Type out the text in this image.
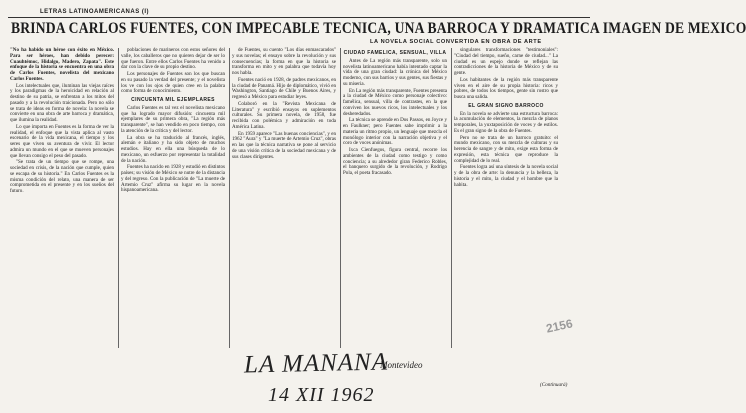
LETRAS LATINOAMERICANAS (I)
BRINDA CARLOS FUENTES, CON IMPECABLE TECNICA, UNA BARROCA Y DRAMATICA IMAGEN DE MEXICO
LA NOVELA SOCIAL CONVERTIDA EN OBRA DE ARTE

"No ha habido un héroe con éxito en México. Para ser héroes, han debido perecer: Cuauhtémoc, Hidalgo, Madero, Zapata". Este enfoque de la historia se encuentra en una obra de Carlos Fuentes, novelista del mexicano Carlos Fuentes.

Los intelectuales que, iluminan las viejas raíces y los paradigmas de la heroicidad en relación al destino de su patria, se enfrentan a los mitos del pasado y a la revolución traicionada. Pero no sólo se trata de ideas en forma de novela: la novela se convierte en una obra de arte barroca y dramática, que ilumina la realidad.

Lo que importa en Fuentes es la forma de ver la realidad, el enfoque que la vista aplica al vasto escenario de la vida mexicana, el tiempo y los seres que viven su aventura de vivir. El lector admira un mundo en el que se mueven personajes que llevan consigo el peso del pasado.

"Se trata de un tiempo que se rompe, una sociedad en crisis, de la nación que cumple, quien se escapa de su historia." En Carlos Fuentes es la misma condición del relato, una manera de ser comprometida en el presente y en los sueños del futuro.

poblaciones de marineros con estos señores del valle, los caballeros que no quieren dejar de ser lo que fueron. Entre ellos Carlos Fuentes ha venido a dar con la clave de su propio destino.

Los personajes de Fuentes son los que buscan en su pasado la verdad del presente; y el novelista los ve con los ojos de quien cree en la palabra como forma de conocimiento.

CINCUENTA MIL EJEMPLARES

Carlos Fuentes es tal vez el novelista mexicano que ha logrado mayor difusión: cincuenta mil ejemplares de su primera obra, "La región más transparente", se han vendido en poco tiempo, con la atención de la crítica y del lector.

La obra se ha traducido al francés, inglés, alemán e italiano y ha sido objeto de muchos estudios. Hay en ella una búsqueda de lo mexicano, un esfuerzo por representar la totalidad de la nación.

Fuentes ha nacido en 1928 y estudió en distintos países; su visión de México se nutre de la distancia y del regreso. Con la publicación de "La muerte de Artemio Cruz" afirma su lugar en la novela hispanoamericana.

de Fuentes, su cuento "Los días enmascarados" y sus novelas; el ensayo sobre la revolución y sus consecuencias; la forma en que la historia se transforma en mito y en palabra que todavía hoy nos habla.

Fuentes nació en 1928, de padres mexicanos, en la ciudad de Panamá. Hijo de diplomático, vivió en Washington, Santiago de Chile y Buenos Aires, y regresó a México para estudiar leyes.

Colaboró en la "Revista Mexicana de Literatura" y escribió ensayos en suplementos culturales. Su primera novela, de 1958, fue recibida con polémica y admiración en toda América Latina.

En 1959 aparece "Las buenas conciencias", y en 1962 "Aura" y "La muerte de Artemio Cruz", obras en las que la técnica narrativa se pone al servicio de una visión crítica de la sociedad mexicana y de sus clases dirigentes.

CIUDAD FAMELICA, SENSUAL, VILLA

Antes de La región más transparente, solo un novelista latinoamericano había intentado captar la vida de una gran ciudad: la crónica del México moderno, con sus barrios y sus gentes, sus fiestas y su miseria.

En La región más transparente, Fuentes presenta a la ciudad de México como personaje colectivo: famélica, sensual, villa de contrastes, en la que conviven los nuevos ricos, los intelectuales y los desheredados.

La técnica se aprende en Dos Passos, en Joyce y en Faulkner; pero Fuentes sabe imprimir a la materia un ritmo propio, un lenguaje que mezcla el monólogo interior con la narración objetiva y el coro de voces anónimas.

Ixca Cienfuegos, figura central, recorre los ambientes de la ciudad como testigo y como conciencia; a su alrededor giran Federico Robles, el banquero surgido de la revolución, y Rodrigo Pola, el poeta fracasado.

singulares transformaciones "testimoniales": "Ciudad del tiempo, sueño, carne de ciudad..." La ciudad es un espejo donde se reflejan las contradicciones de la historia de México y de su gente.

Los habitantes de la región más transparente viven en el aire de su propia historia: ricos y pobres, de todos los tiempos, gente sin rostro que busca una salida.

EL GRAN SIGNO BARROCO

En la novela se advierte una estructura barroca: la acumulación de elementos, la mezcla de planos temporales, la yuxtaposición de voces y de estilos. Es el gran signo de la obra de Fuentes.

Pero no se trata de un barroco gratuito: el mundo mexicano, con su mezcla de culturas y su herencia de sangre y de mito, exige esta forma de expresión, esta técnica que reproduce la complejidad de lo real.

Fuentes logra así una síntesis de la novela social y de la obra de arte: la denuncia y la belleza, la historia y el mito, la ciudad y el hombre que la habita.

LA MANANA
Montevideo
14 XII 1962
2156
(Continuará)
